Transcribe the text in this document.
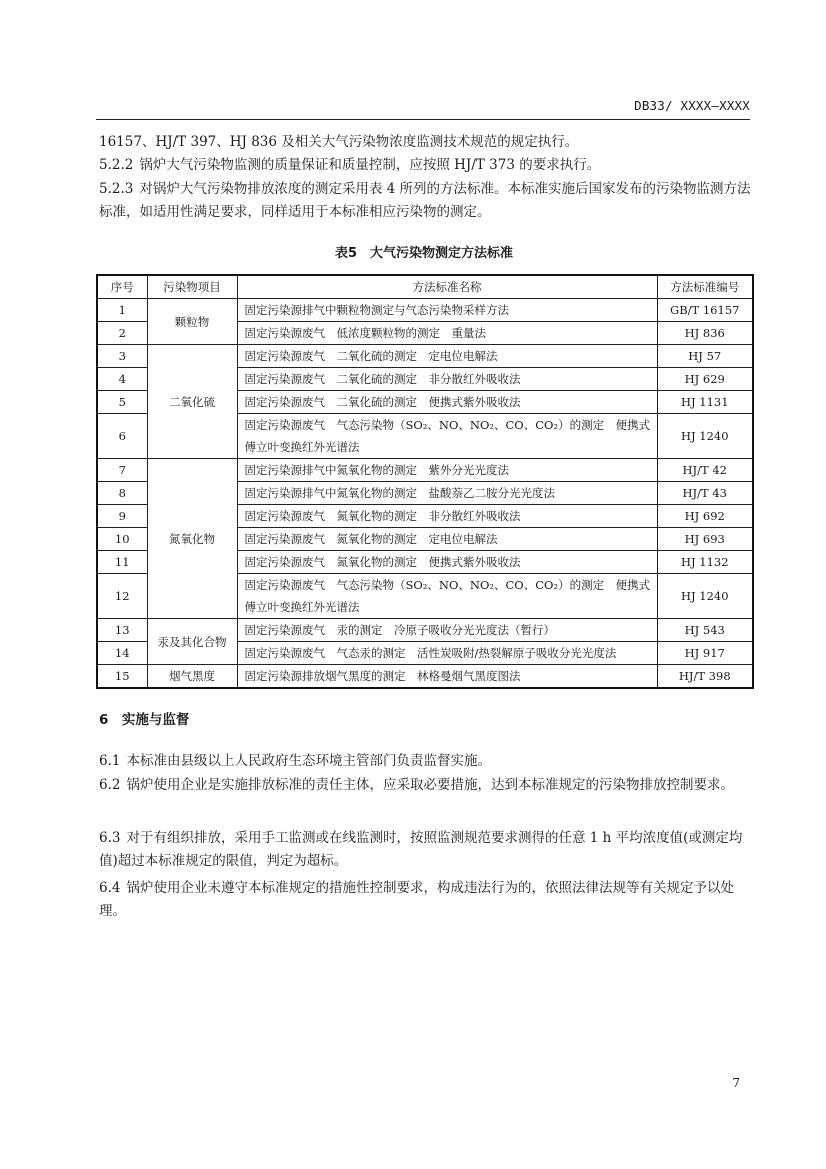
DB33/ XXXX—XXXX

16157、HJ/T 397、HJ 836 及相关大气污染物浓度监测技术规范的规定执行。

5.2.2 锅炉大气污染物监测的质量保证和质量控制，应按照 HJ/T 373 的要求执行。

5.2.3 对锅炉大气污染物排放浓度的测定采用表 4 所列的方法标准。本标准实施后国家发布的污染物监测方法标准，如适用性满足要求，同样适用于本标准相应污染物的测定。

表5　大气污染物测定方法标准
序号	污染物项目	方法标准名称	方法标准编号
1	颗粒物	固定污染源排气中颗粒物测定与气态污染物采样方法	GB/T 16157
2		固定污染源废气　低浓度颗粒物的测定　重量法	HJ 836
3	二氧化硫	固定污染源废气　二氧化硫的测定　定电位电解法	HJ 57
4		固定污染源废气　二氧化硫的测定　非分散红外吸收法	HJ 629
5		固定污染源废气　二氧化硫的测定　便携式紫外吸收法	HJ 1131
6		固定污染源废气　气态污染物（SO₂、NO、NO₂、CO、CO₂）的测定　便携式傅立叶变换红外光谱法	HJ 1240
7	氮氧化物	固定污染源排气中氮氧化物的测定　紫外分光光度法	HJ/T 42
8		固定污染源排气中氮氧化物的测定　盐酸萘乙二胺分光光度法	HJ/T 43
9		固定污染源废气　氮氧化物的测定　非分散红外吸收法	HJ 692
10		固定污染源废气　氮氧化物的测定　定电位电解法	HJ 693
11		固定污染源废气　氮氧化物的测定　便携式紫外吸收法	HJ 1132
12		固定污染源废气　气态污染物（SO₂、NO、NO₂、CO、CO₂）的测定　便携式傅立叶变换红外光谱法	HJ 1240
13	汞及其化合物	固定污染源废气　汞的测定　冷原子吸收分光光度法（暂行）	HJ 543
14		固定污染源废气　气态汞的测定　活性炭吸附/热裂解原子吸收分光光度法	HJ 917
15	烟气黑度	固定污染源排放烟气黑度的测定　林格曼烟气黑度图法	HJ/T 398
6　实施与监督

6.1 本标准由县级以上人民政府生态环境主管部门负责监督实施。

6.2 锅炉使用企业是实施排放标准的责任主体，应采取必要措施，达到本标准规定的污染物排放控制要求。

6.3 对于有组织排放，采用手工监测或在线监测时，按照监测规范要求测得的任意 1 h 平均浓度值(或测定均值)超过本标准规定的限值，判定为超标。

6.4 锅炉使用企业未遵守本标准规定的措施性控制要求，构成违法行为的，依照法律法规等有关规定予以处理。

7
